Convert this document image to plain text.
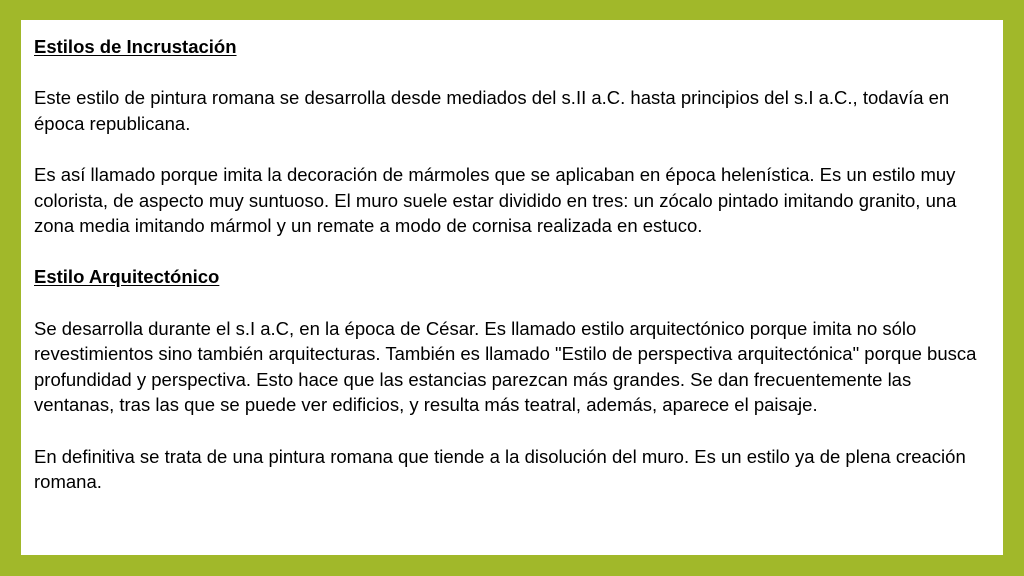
Estilos de Incrustación

Este estilo de pintura romana se desarrolla desde mediados del s.II a.C. hasta principios del s.I a.C., todavía en época republicana.

Es así llamado porque imita la decoración de mármoles que se aplicaban en época helenística. Es un estilo muy colorista, de aspecto muy suntuoso. El muro suele estar dividido en tres: un zócalo pintado imitando granito, una zona media imitando mármol y un remate a modo de cornisa realizada en estuco.

Estilo Arquitectónico

Se desarrolla durante el s.I a.C, en la época de César. Es llamado estilo arquitectónico porque imita no sólo revestimientos sino también arquitecturas. También es llamado "Estilo de perspectiva arquitectónica" porque busca profundidad y perspectiva. Esto hace que las estancias parezcan más grandes. Se dan frecuentemente las ventanas, tras las que se puede ver edificios, y resulta más teatral, además, aparece el paisaje.

En definitiva se trata de una pintura romana que tiende a la disolución del muro. Es un estilo ya de plena creación romana.
